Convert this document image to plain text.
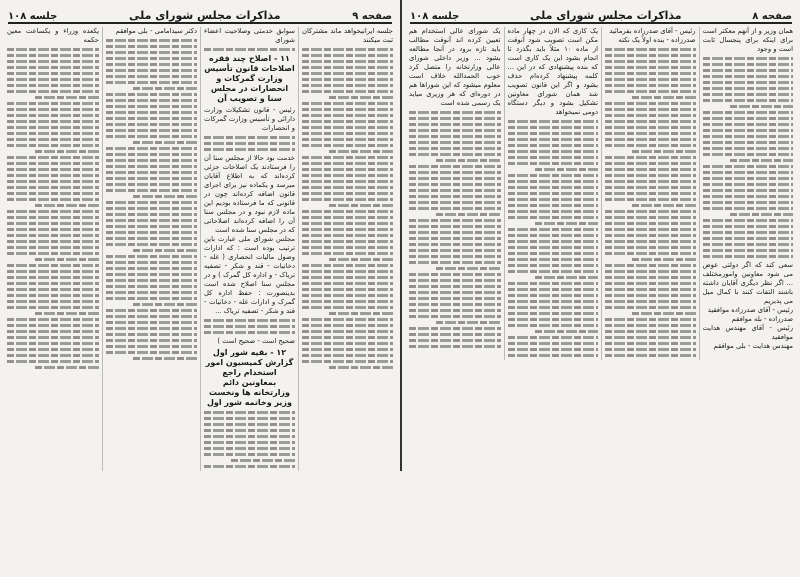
جلسه ۱۰۸	مذاکرات مجلس شورای ملی	صفحه ۹

جلسه ایرانیخواهد ماند مشترکان ثبت میکنند

سوابق خدمتی وصلاحیت اعضاء شورای

۱۱ - اصلاح چند فقره اصلاحات قانون تأسیس وزارت گمرکات و انحصارات در مجلس سنا و تصویب آن

رئیس - قانون تشکیلات وزارت دارائی و تأسیس وزارت گمرکات و انحصارات

خدمت بود حالا از مجلس سنا آن را فرستادند یک اصلاحات جزئی کرده‌اند که به اطلاع آقایان میرسد و یکماده نیز برای اجرای قانون اضافه کرده‌اند چون در قانونی که ما فرستاده بودیم این ماده لازم نبود و در مجلس سنا آن را اضافه کرده‌اند اصلاحاتی که در مجلس سنا شده است

مجلس شورای ملی عبارت باین ترتیب بوده است : که ادارات وصول مالیات انحصاری ( غله - دخانیات - قند و شکر - تصفیه تریاک - و اداره کل گمرک ) و در مجلس سنا اصلاح شده است بدینصورت : حفظ اداره کل گمرک و ادارات غله - دخانیات - قند و شکر - تصفیه تریاک ...

صحیح است - صحیح است )

۱۲ - بقیه شور اول گزارش کمیسیون امور استخدام راجع بمعاونین دائم وزارتخانه ها ونخست وزیر وخاتمه شور اول

دکتر سیدامامی - بلی موافقم

یکعده وزراء و یکساعت معین حکمه

جلسه ۱۰۸	مذاکرات مجلس شورای ملی	صفحه ۸

همان وزیر و از آنهم معکتر است برای اینکه برای پنجسال ثابت است و وجود

سعی کند که اگر دولتی عوض می شود معاونین وامورمختلف ... اگر نظر دیگری آقایان داشته باشند التفات کنند با کمال میل می پذیریم

رئیس - آقای صدرزاده موافقید

صدرزاده - بله موافقم

رئیس - آقای مهندس هدایت موافقید

مهندس هدایت - بلی موافقم

رئیس - آقای صدرزاده بفرمائید

صدرزاده - بنده اولاً یک نکته

یک کاری که الان در چهار ماده مکن است تصویب شود آنوقت از ماده ۱۰ مثلاً باید بگذرد تا انجام بشود این یک کاری است که بنده پیشنهادی که در این ... کلمه پیشنهاد کرده‌ام حذف بشود و اگر این قانون تصویب شد همان شورای معاونین تشکیل بشود و دیگر دستگاه دومی نمیخواهد

یک شورای عالی استخدام هم تعیین کرده اند آنوقت مطالب باید تازه برود در آنجا مطالعه بشود ... وزیر داخلی شورای عالی وزارتخانه را متصل کرد خوب الحمدالله خلاف است معلوم میشود که این شوراها هم در دوره‌ای که هر وزیری میاید یک رسمی شده است
